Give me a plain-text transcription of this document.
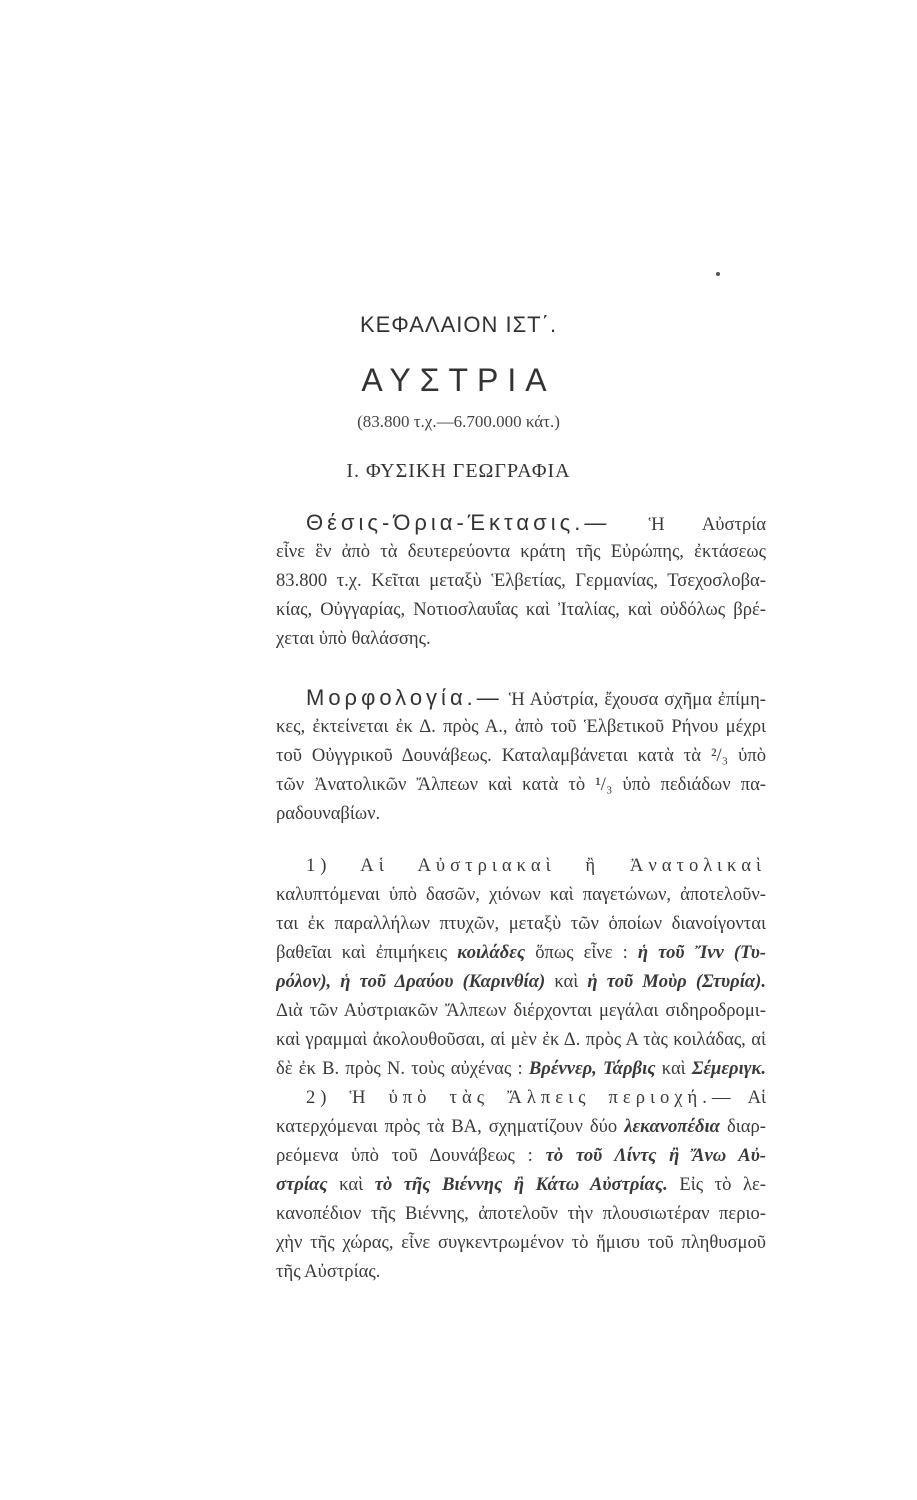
ΚΕΦΑΛΑΙΟΝ ΙΣΤ΄.
ΑΥΣΤΡΙΑ
(83.800 τ.χ.—6.700.000 κάτ.)
Ι. ΦΥΣΙΚΗ ΓΕΩΓΡΑΦΙΑ
Θέσις-Όρια-Έκτασις.— Ἡ Αὐστρία
εἶνε ἓν ἀπὸ τὰ δευτερεύοντα κράτη τῆς Εὐρώπης, ἐκτάσεως
83.800 τ.χ. Κεῖται μεταξὺ Ἑλβετίας, Γερμανίας, Τσεχοσλοβα-
κίας, Οὐγγαρίας, Νοτιοσλαυΐας καὶ Ἰταλίας, καὶ οὐδόλως βρέ-
χεται ὑπὸ θαλάσσης.
Μορφολογία.— Ἡ Αὐστρία, ἔχουσα σχῆμα ἐπίμη-
κες, ἐκτείνεται ἐκ Δ. πρὸς Α., ἀπὸ τοῦ Ἑλβετικοῦ Ρήνου μέχρι
τοῦ Οὐγγρικοῦ Δουνάβεως. Καταλαμβάνεται κατὰ τὰ ²/₃ ὑπὸ
τῶν Ἀνατολικῶν Ἄλπεων καὶ κατὰ τὸ ¹/₃ ὑπὸ πεδιάδων πα-
ραδουναβίων.
1) Αἱ Αὐστριακαὶ ἢ Ἀνατολικαὶ
καλυπτόμεναι ὑπὸ δασῶν, χιόνων καὶ παγετώνων, ἀποτελοῦν-
ται ἐκ παραλλήλων πτυχῶν, μεταξὺ τῶν ὁποίων διανοίγονται
βαθεῖαι καὶ ἐπιμήκεις κοιλάδες ὅπως εἶνε : ἡ τοῦ Ἴνν (Τυ-
ρόλον), ἡ τοῦ Δραύου (Καρινθία) καὶ ἡ τοῦ Μοὺρ (Στυρία).
Διὰ τῶν Αὐστριακῶν Ἄλπεων διέρχονται μεγάλαι σιδηροδρομι-
καὶ γραμμαὶ ἀκολουθοῦσαι, αἱ μὲν ἐκ Δ. πρὸς Α τὰς κοιλάδας, αἱ
δὲ ἐκ Β. πρὸς Ν. τοὺς αὐχένας : Βρέννερ, Τάρβις καὶ Σέμεριγκ.
2) Ἡ ὑπὸ τὰς Ἄλπεις περιοχή.— Αἱ
κατερχόμεναι πρὸς τὰ ΒΑ, σχηματίζουν δύο λεκανοπέδια διαρ-
ρεόμενα ὑπὸ τοῦ Δουνάβεως : τὸ τοῦ Λίντς ἢ Ἄνω Αὐ-
στρίας καὶ τὸ τῆς Βιέννης ἢ Κάτω Αὐστρίας. Εἰς τὸ λε-
κανοπέδιον τῆς Βιέννης, ἀποτελοῦν τὴν πλουσιωτέραν περιο-
χὴν τῆς χώρας, εἶνε συγκεντρωμένον τὸ ἥμισυ τοῦ πληθυσμοῦ
τῆς Αὐστρίας.
